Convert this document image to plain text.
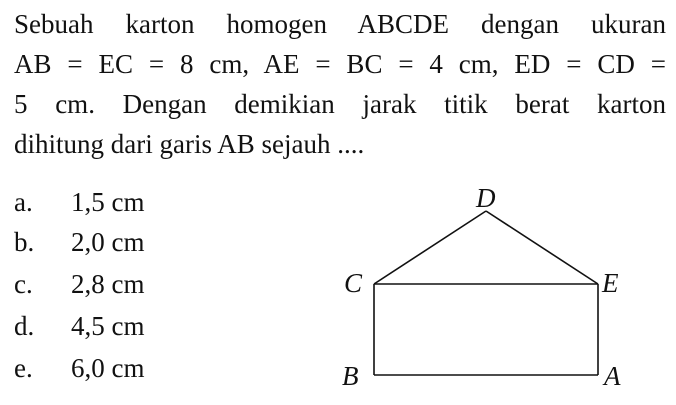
Sebuah karton homogen ABCDE dengan ukuran
AB = EC = 8 cm, AE = BC = 4 cm, ED = CD =
5 cm. Dengan demikian jarak titik berat karton
dihitung dari garis AB sejauh ....
a.	1,5 cm
b.	2,0 cm
c.	2,8 cm
d.	4,5 cm
e.	6,0 cm
D
C	E
B	A
